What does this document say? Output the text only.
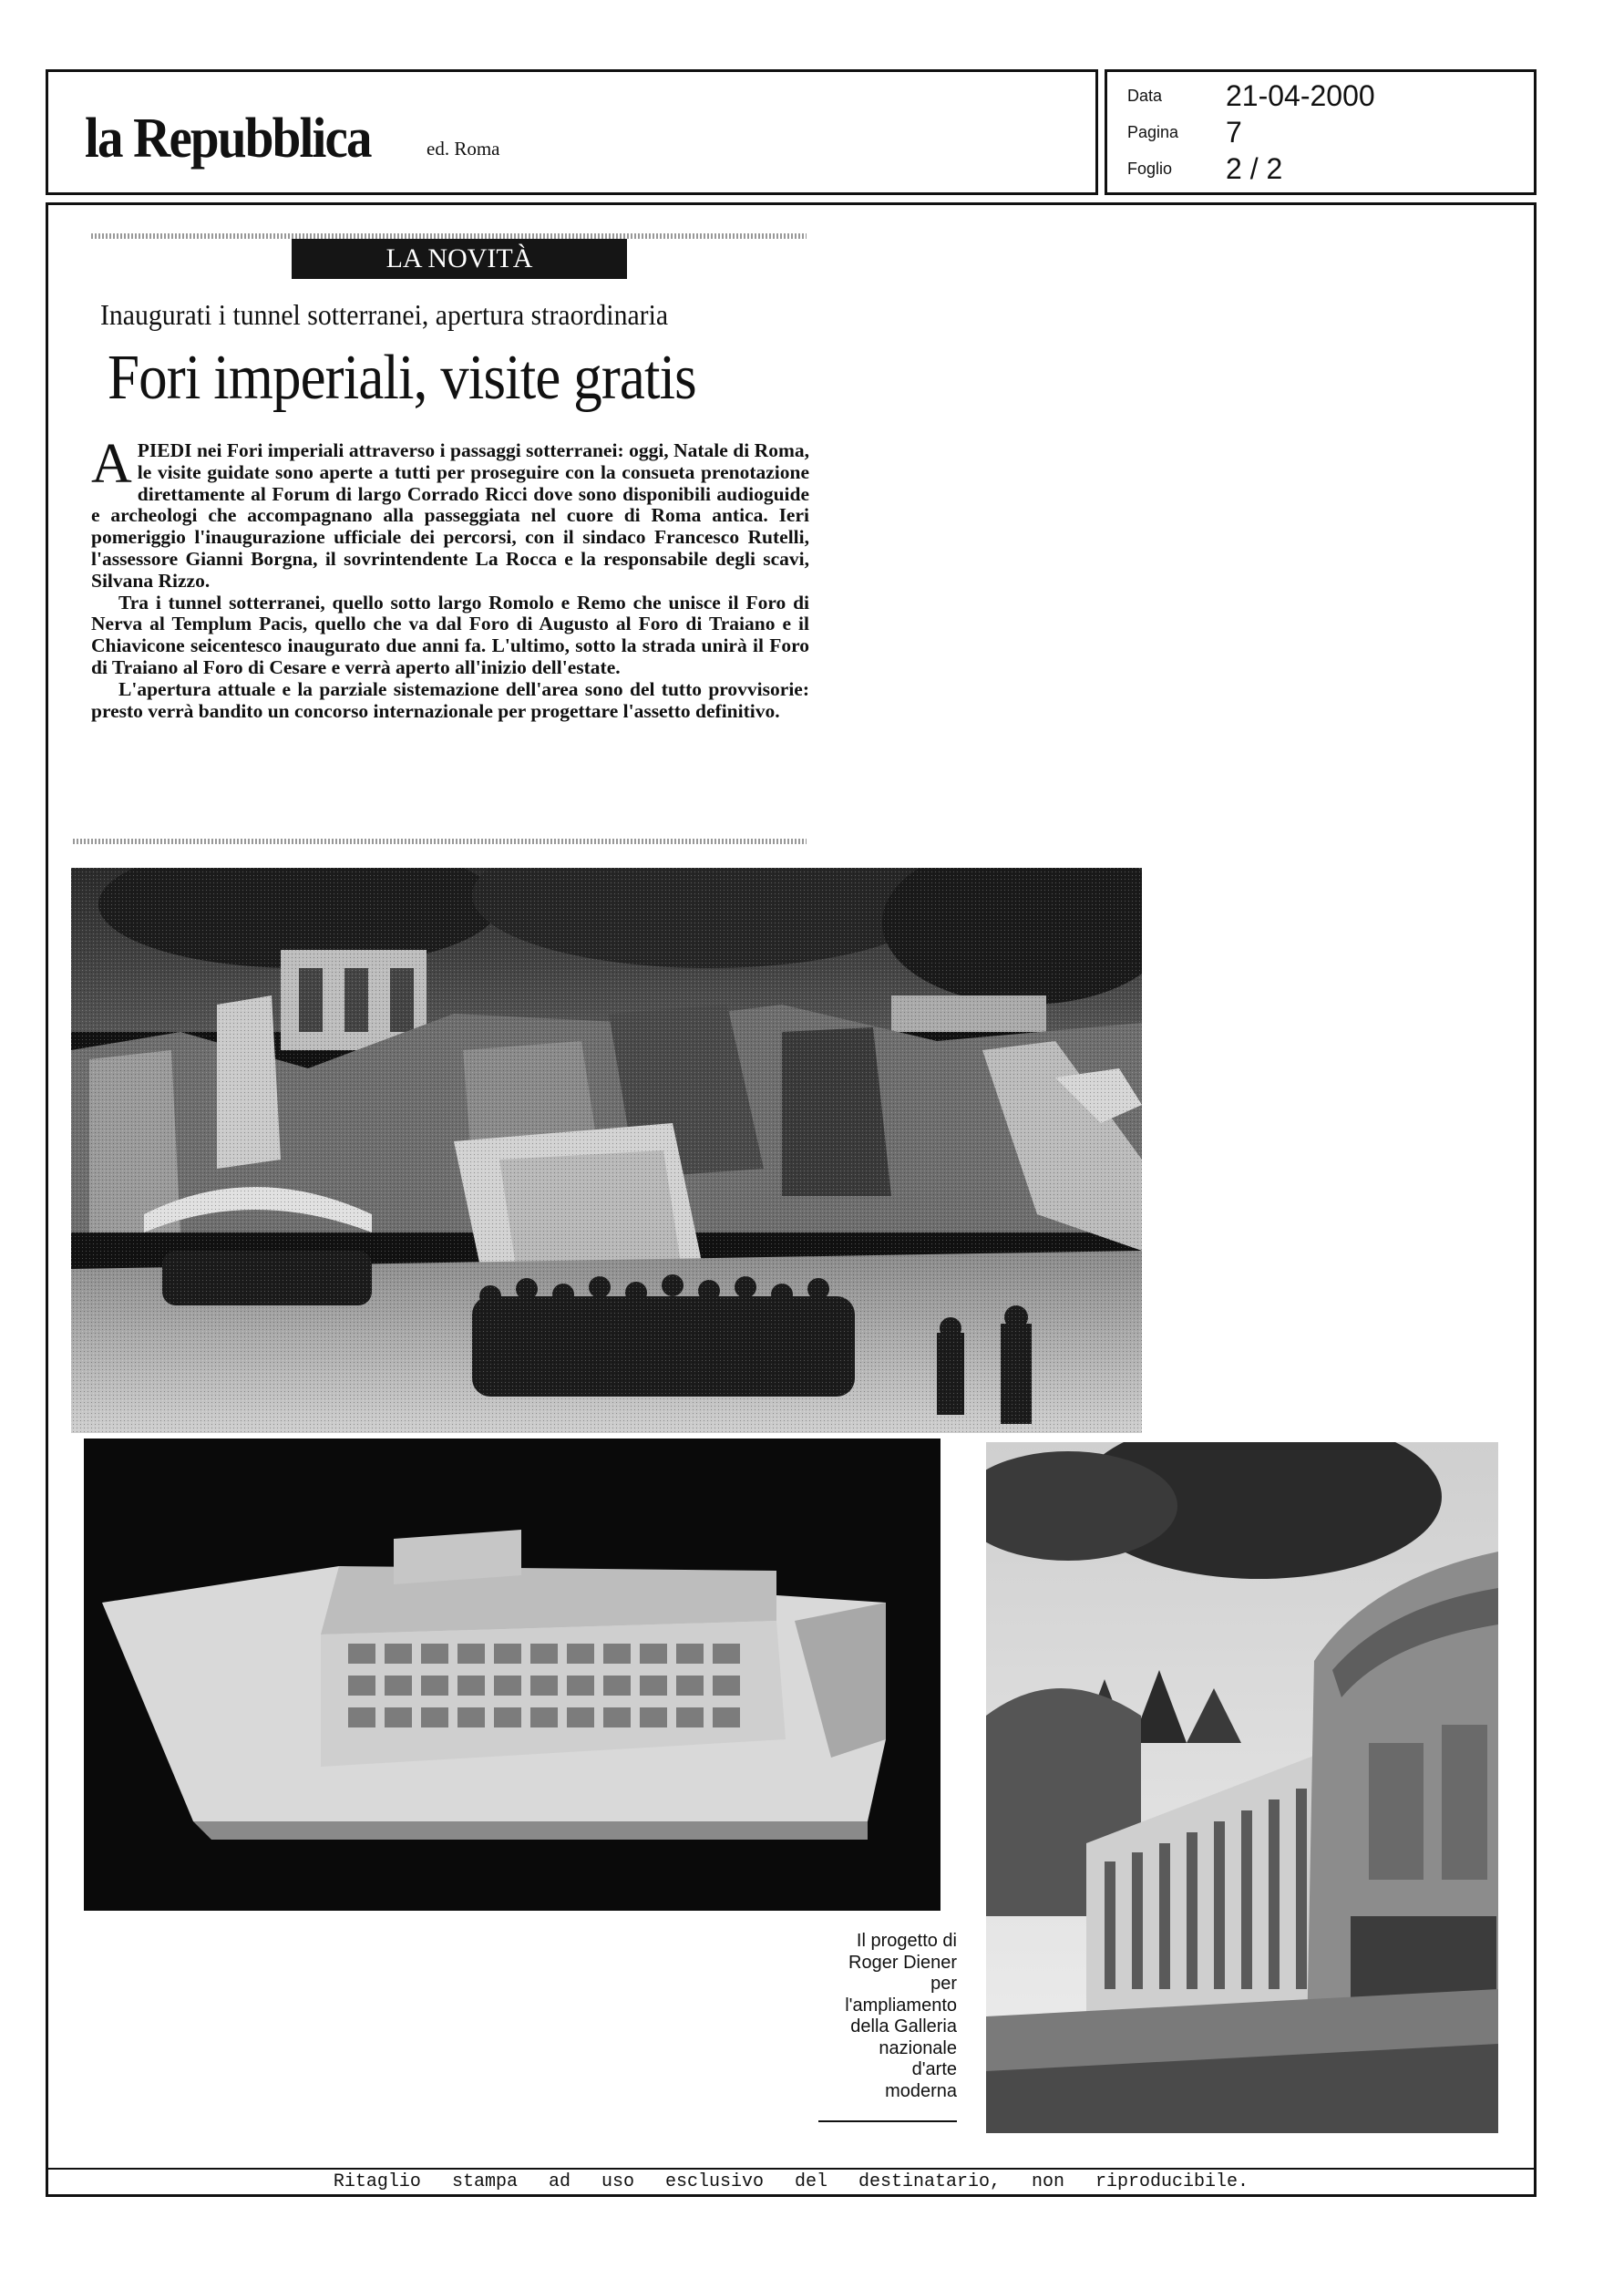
la Repubblica	ed. Roma
Data 21-04-2000
Pagina 7
Foglio 2 / 2
LA NOVITÀ
Inaugurati i tunnel sotterranei, apertura straordinaria
Fori imperiali, visite gratis

APIEDI nei Fori imperiali attraverso i passaggi sotterranei: oggi, Natale di Roma, le visite guidate sono aperte a tutti per proseguire con la consueta prenotazione direttamente al Forum di largo Corrado Ricci dove sono disponibili audioguide e archeologi che accompagnano alla passeggiata nel cuore di Roma antica. Ieri pomeriggio l'inaugurazione ufficiale dei percorsi, con il sindaco Francesco Rutelli, l'assessore Gianni Borgna, il sovrintendente La Rocca e la responsabile degli scavi, Silvana Rizzo.

Tra i tunnel sotterranei, quello sotto largo Romolo e Remo che unisce il Foro di Nerva al Templum Pacis, quello che va dal Foro di Augusto al Foro di Traiano e il Chiavicone seicentesco inaugurato due anni fa. L'ultimo, sotto la strada unirà il Foro di Traiano al Foro di Cesare e verrà aperto all'inizio dell'estate.

L'apertura attuale e la parziale sistemazione dell'area sono del tutto provvisorie: presto verrà bandito un concorso internazionale per progettare l'assetto definitivo.

Il progetto di
Roger Diener
per
l'ampliamento
della Galleria
nazionale
d'arte
moderna
Ritaglio stampa ad uso esclusivo del destinatario, non riproducibile.
